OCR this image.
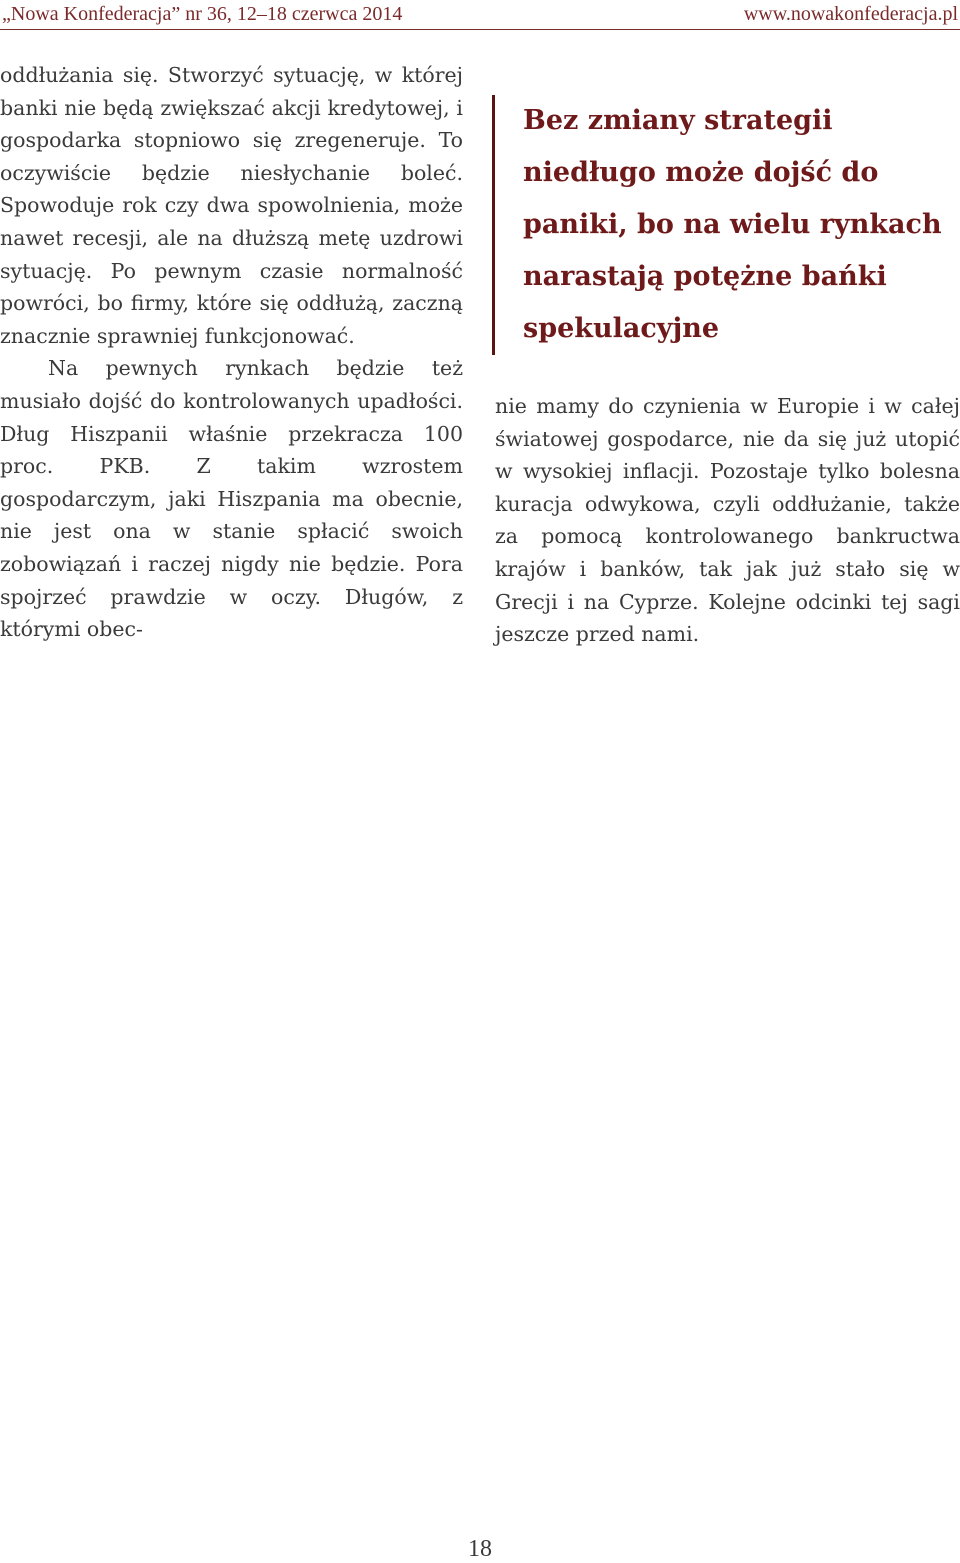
„Nowa Konfederacja” nr 36, 12–18 czerwca 2014	www.nowakonfederacja.pl

oddłużania się. Stworzyć sytuację, w której banki nie będą zwiększać akcji kredytowej, i gospodarka stopniowo się zregeneruje. To oczywiście będzie niesłychanie boleć. Spowoduje rok czy dwa spowolnienia, może nawet recesji, ale na dłuższą metę uzdrowi sytuację. Po pewnym czasie normalność powróci, bo firmy, które się oddłużą, zaczną znacznie sprawniej funkcjonować.

Na pewnych rynkach będzie też musiało dojść do kontrolowanych upadłości. Dług Hiszpanii właśnie przekracza 100 proc. PKB. Z takim wzrostem gospodarczym, jaki Hiszpania ma obecnie, nie jest ona w stanie spłacić swoich zobowiązań i raczej nigdy nie będzie. Pora spojrzeć prawdzie w oczy. Długów, z którymi obec-

Bez zmiany strategii niedługo może dojść do paniki, bo na wielu rynkach narastają potężne bańki spekulacyjne

nie mamy do czynienia w Europie i w całej światowej gospodarce, nie da się już utopić w wysokiej inflacji. Pozostaje tylko bolesna kuracja odwykowa, czyli oddłużanie, także za pomocą kontrolowanego bankructwa krajów i banków, tak jak już stało się w Grecji i na Cyprze. Kolejne odcinki tej sagi jeszcze przed nami.

18
